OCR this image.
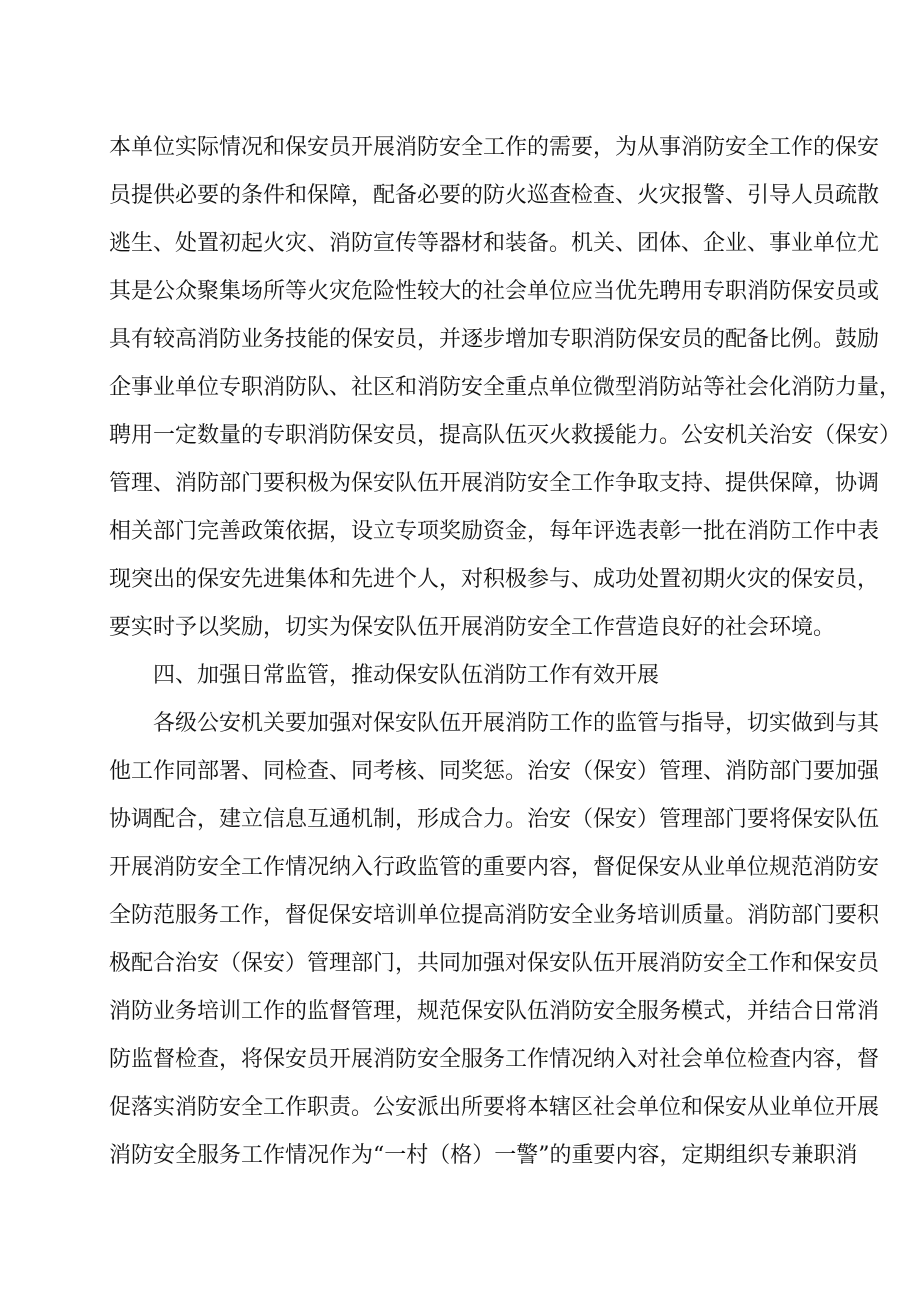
本单位实际情况和保安员开展消防安全工作的需要，为从事消防安全工作的保安
员提供必要的条件和保障，配备必要的防火巡查检查、火灾报警、引导人员疏散
逃生、处置初起火灾、消防宣传等器材和装备。机关、团体、企业、事业单位尤
其是公众聚集场所等火灾危险性较大的社会单位应当优先聘用专职消防保安员或
具有较高消防业务技能的保安员，并逐步增加专职消防保安员的配备比例。鼓励
企事业单位专职消防队、社区和消防安全重点单位微型消防站等社会化消防力量，
聘用一定数量的专职消防保安员，提高队伍灭火救援能力。公安机关治安（保安）
管理、消防部门要积极为保安队伍开展消防安全工作争取支持、提供保障，协调
相关部门完善政策依据，设立专项奖励资金，每年评选表彰一批在消防工作中表
现突出的保安先进集体和先进个人，对积极参与、成功处置初期火灾的保安员，
要实时予以奖励，切实为保安队伍开展消防安全工作营造良好的社会环境。
四、加强日常监管，推动保安队伍消防工作有效开展
各级公安机关要加强对保安队伍开展消防工作的监管与指导，切实做到与其
他工作同部署、同检查、同考核、同奖惩。治安（保安）管理、消防部门要加强
协调配合，建立信息互通机制，形成合力。治安（保安）管理部门要将保安队伍
开展消防安全工作情况纳入行政监管的重要内容，督促保安从业单位规范消防安
全防范服务工作，督促保安培训单位提高消防安全业务培训质量。消防部门要积
极配合治安（保安）管理部门，共同加强对保安队伍开展消防安全工作和保安员
消防业务培训工作的监督管理，规范保安队伍消防安全服务模式，并结合日常消
防监督检查，将保安员开展消防安全服务工作情况纳入对社会单位检查内容，督
促落实消防安全工作职责。公安派出所要将本辖区社会单位和保安从业单位开展
消防安全服务工作情况作为“一村（格）一警”的重要内容，定期组织专兼职消
